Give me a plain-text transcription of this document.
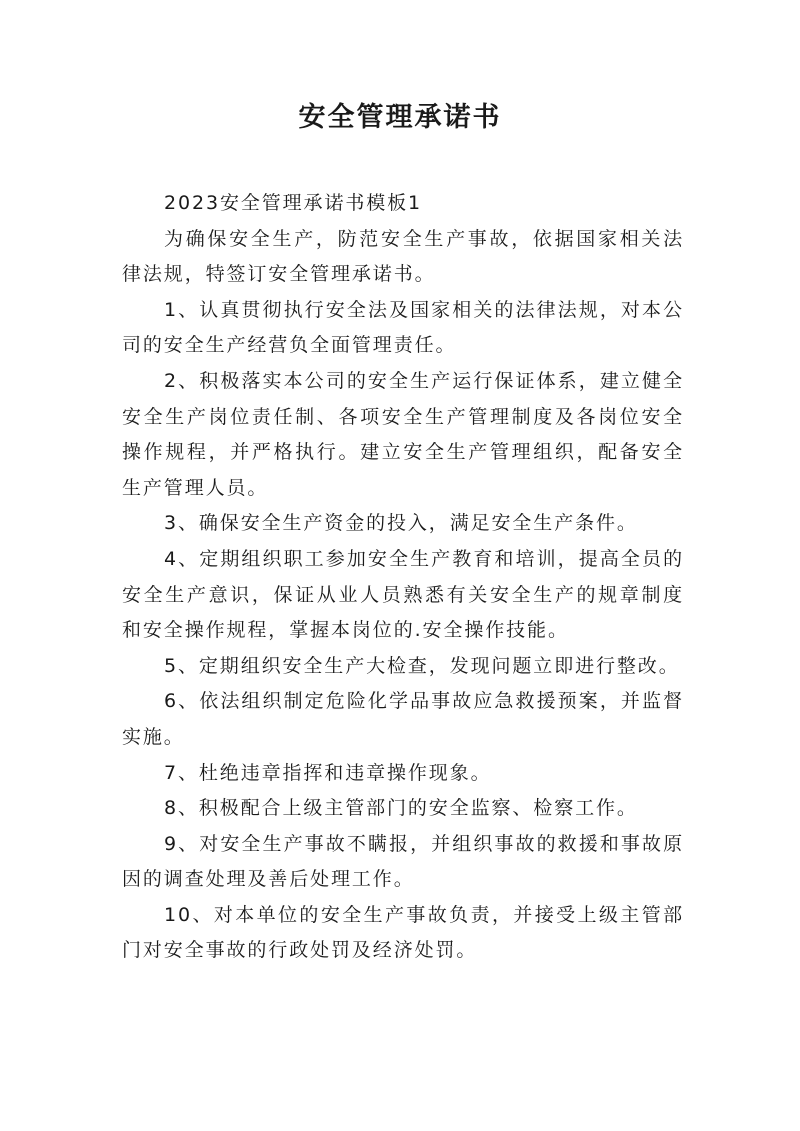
安全管理承诺书

2023安全管理承诺书模板1

为确保安全生产，防范安全生产事故，依据国家相关法律法规，特签订安全管理承诺书。

1、认真贯彻执行安全法及国家相关的法律法规，对本公司的安全生产经营负全面管理责任。

2、积极落实本公司的安全生产运行保证体系，建立健全安全生产岗位责任制、各项安全生产管理制度及各岗位安全操作规程，并严格执行。建立安全生产管理组织，配备安全生产管理人员。

3、确保安全生产资金的投入，满足安全生产条件。

4、定期组织职工参加安全生产教育和培训，提高全员的安全生产意识，保证从业人员熟悉有关安全生产的规章制度和安全操作规程，掌握本岗位的.安全操作技能。

5、定期组织安全生产大检查，发现问题立即进行整改。

6、依法组织制定危险化学品事故应急救援预案，并监督实施。

7、杜绝违章指挥和违章操作现象。

8、积极配合上级主管部门的安全监察、检察工作。

9、对安全生产事故不瞒报，并组织事故的救援和事故原因的调查处理及善后处理工作。

10、对本单位的安全生产事故负责，并接受上级主管部门对安全事故的行政处罚及经济处罚。
